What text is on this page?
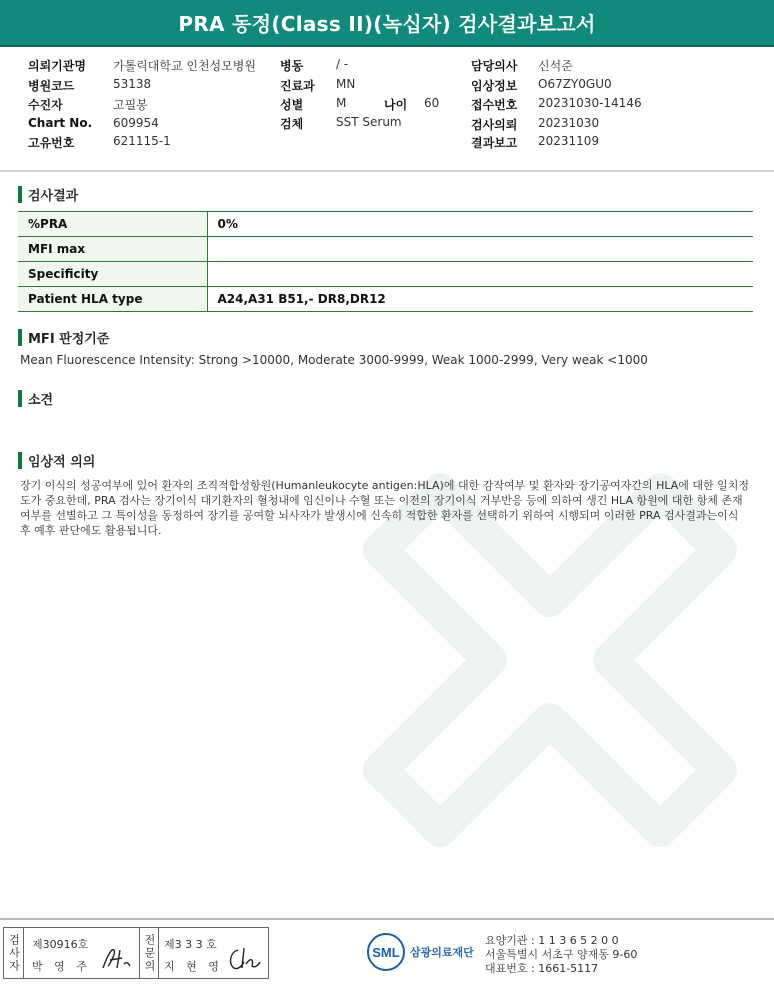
PRA 동정(Class II)(녹십자) 검사결과보고서
의뢰기관명 가톨릭대학교 인천성모병원
병원코드	53138
수진자	고필봉
Chart No. 609954
고유번호	621115-1
병동	/ -
진료과 MN
성별	M	나이 60
검체	SST Serum
담당의사 신석준
임상정보 O67ZY0GU0
접수번호 20231030-14146
검사의뢰 20231030
결과보고 20231109
검사결과
%PRA	0%
MFI max	
Specificity	
Patient HLA type	A24,A31 B51,- DR8,DR12
MFI 판정기준
Mean Fluorescence Intensity: Strong >10000, Moderate 3000-9999, Weak 1000-2999, Very weak <1000
소견
임상적 의의
장기 이식의 성공여부에 있어 환자의 조직적합성항원(Humanleukocyte antigen:HLA)에 대한 감작여부 및 환자와 장기공여자간의 HLA에 대한 일치정도가 중요한데, PRA 검사는 장기이식 대기환자의 혈청내에 임신이나 수혈 또는 이전의 장기이식 거부반응 등에 의하여 생긴 HLA 항원에 대한 항체 존재 여부를 선별하고 그 특이성을 동정하여 장기를 공여할 뇌사자가 발생시에 신속히 적합한 환자를 선택하기 위하여 시행되며 이러한 PRA 검사결과는이식 후 예후 판단에도 활용됩니다.
검사자	제30916호
박 영 주	전문의 제3 3 3 호
지 현 영
SML 삼광의료재단
요양기관 : 1 1 3 6 5 2 0 0
서울특별시 서초구 양재동 9-60
대표번호 : 1661-5117
